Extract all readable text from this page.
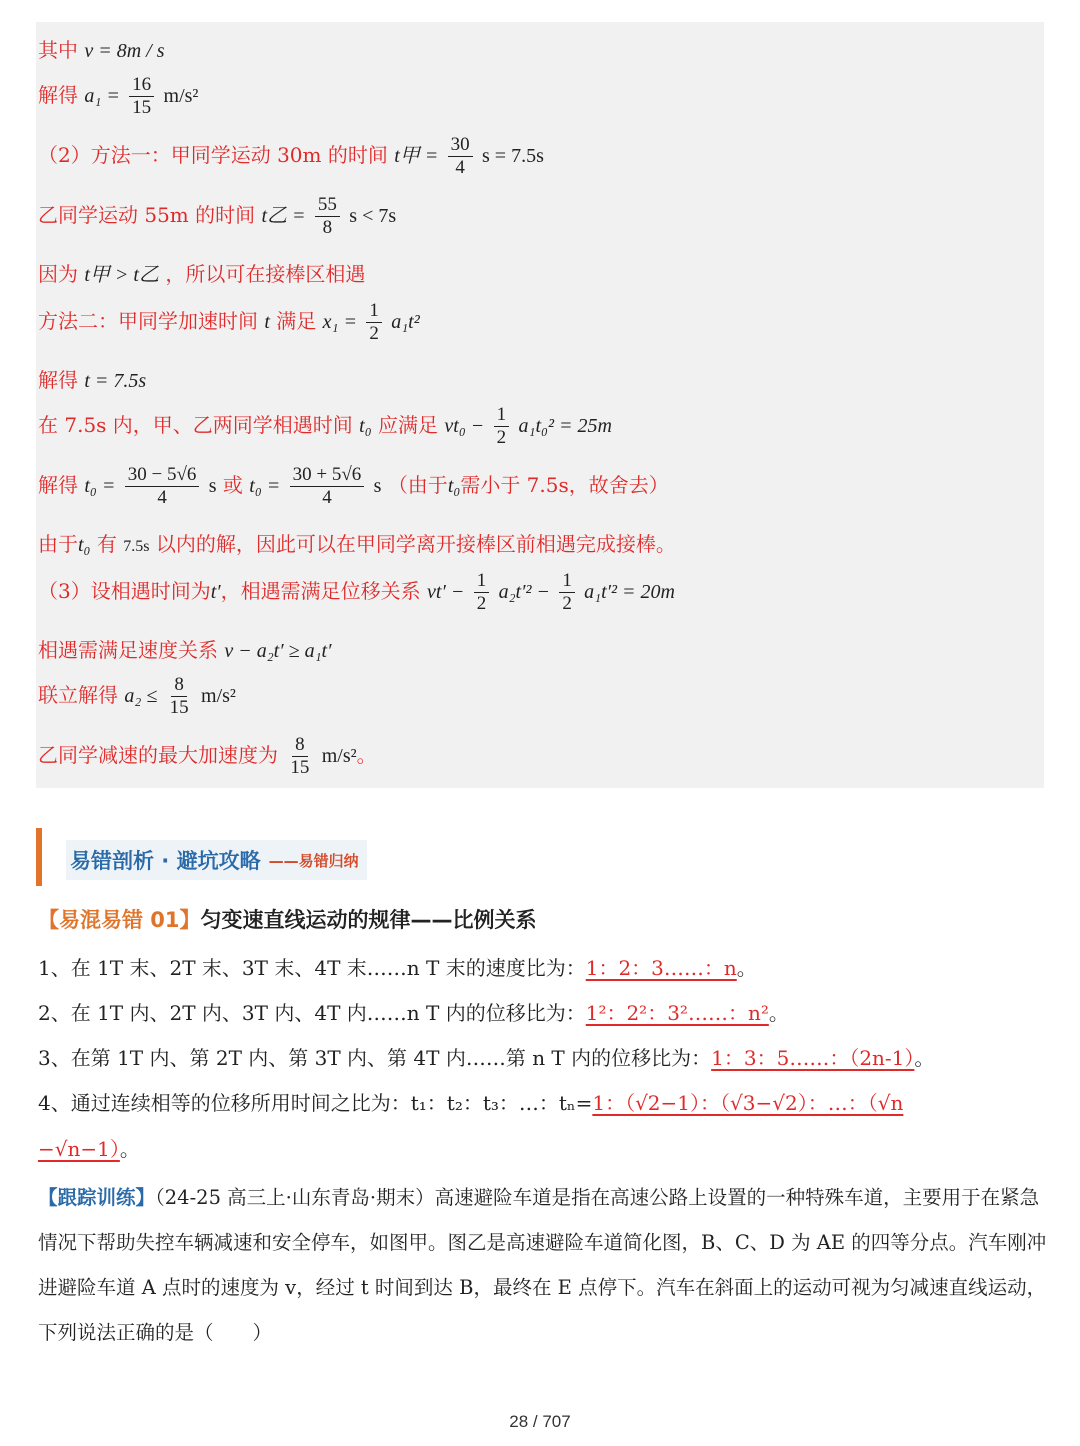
其中 v = 8m / s
解得 $a_1 = \frac{16}{15} m/s^2$
（2）方法一：甲同学运动 30m 的时间 t甲 = $\frac{30}{4}$ s = 7.5s
乙同学运动 55m 的时间 t乙 = $\frac{55}{8}$ s < 7s
因为 t甲 > t乙 ，所以可在接棒区相遇
方法二：甲同学加速时间 t 满足 $x_1 = \frac{1}{2} a_1t^2$
解得 t = 7.5s
在 7.5s 内，甲、乙两同学相遇时间 t₀ 应满足 $vt_0 - \frac{1}{2} a_1t_0^2 = 25m$
解得 $t_0 = \frac{30 - 5√6}{4}$ s 或 $t_0 = \frac{30 + 5√6}{4}$ s （由于t₀需小于 7.5s，故舍去）
由于t₀ 有 7.5s 以内的解，因此可以在甲同学离开接棒区前相遇完成接棒。
（3）设相遇时间为t′，相遇需满足位移关系 $vt' - \frac{1}{2} a_2t'^2 - \frac{1}{2} a_1t'^2 = 20m$
相遇需满足速度关系 v − a₂t′ ≥ a₁t′
联立解得 $a_2 \le \frac{8}{15} m/s^2$
乙同学减速的最大加速度为 $\frac{8}{15} m/s^2$。
易错剖析 · 避坑攻略 ——易错归纳
【易混易错 01】匀变速直线运动的规律——比例关系
1、在 1T 末、2T 末、3T 末、4T 末……n T 末的速度比为：1：2：3……：n。
2、在 1T 内、2T 内、3T 内、4T 内……n T 内的位移比为：1²：2²：3²……：n²。
3、在第 1T 内、第 2T 内、第 3T 内、第 4T 内……第 n T 内的位移比为：1：3：5……：（2n-1）。
4、通过连续相等的位移所用时间之比为：t₁：t₂：t₃：…：tₙ=1：（√2−1）：（√3−√2）：…：（√n
−√n−1）。
【跟踪训练】（24-25 高三上·山东青岛·期末）高速避险车道是指在高速公路上设置的一种特殊车道，主要用于在紧急情况下帮助失控车辆减速和安全停车，如图甲。图乙是高速避险车道简化图，B、C、D 为 AE 的四等分点。汽车刚冲进避险车道 A 点时的速度为 v，经过 t 时间到达 B，最终在 E 点停下。汽车在斜面上的运动可视为匀减速直线运动，下列说法正确的是（　　）
28 / 707
